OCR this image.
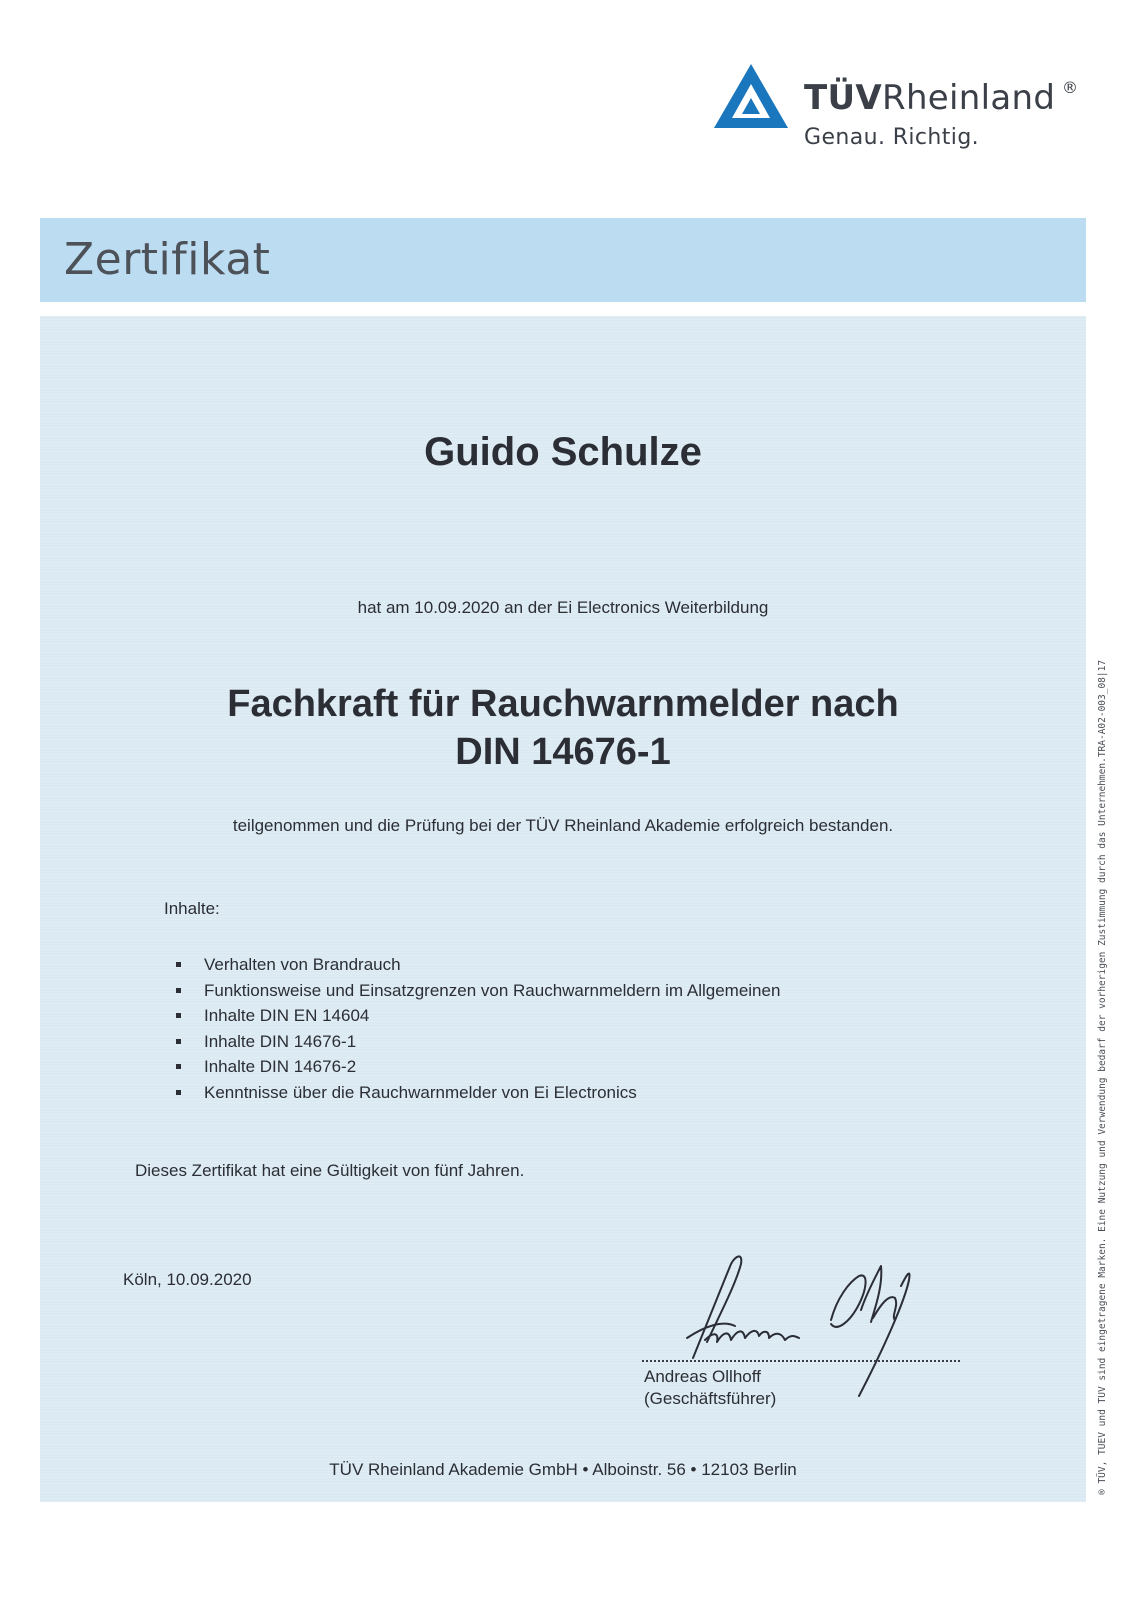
TÜVRheinland ®
Genau. Richtig.
Zertifikat
Guido Schulze
hat am 10.09.2020 an der Ei Electronics Weiterbildung
Fachkraft für Rauchwarnmelder nach
DIN 14676-1
teilgenommen und die Prüfung bei der TÜV Rheinland Akademie erfolgreich bestanden.
Inhalte:
Verhalten von Brandrauch
Funktionsweise und Einsatzgrenzen von Rauchwarnmeldern im Allgemeinen
Inhalte DIN EN 14604
Inhalte DIN 14676-1
Inhalte DIN 14676-2
Kenntnisse über die Rauchwarnmelder von Ei Electronics
Dieses Zertifikat hat eine Gültigkeit von fünf Jahren.
Köln, 10.09.2020
Andreas Ollhoff
(Geschäftsführer)
TÜV Rheinland Akademie GmbH • Alboinstr. 56 • 12103 Berlin	® TÜV, TUEV und TUV sind eingetragene Marken. Eine Nutzung und Verwendung bedarf der vorherigen Zustimmung durch das Unternehmen.
TRA-A02-003_08|17
